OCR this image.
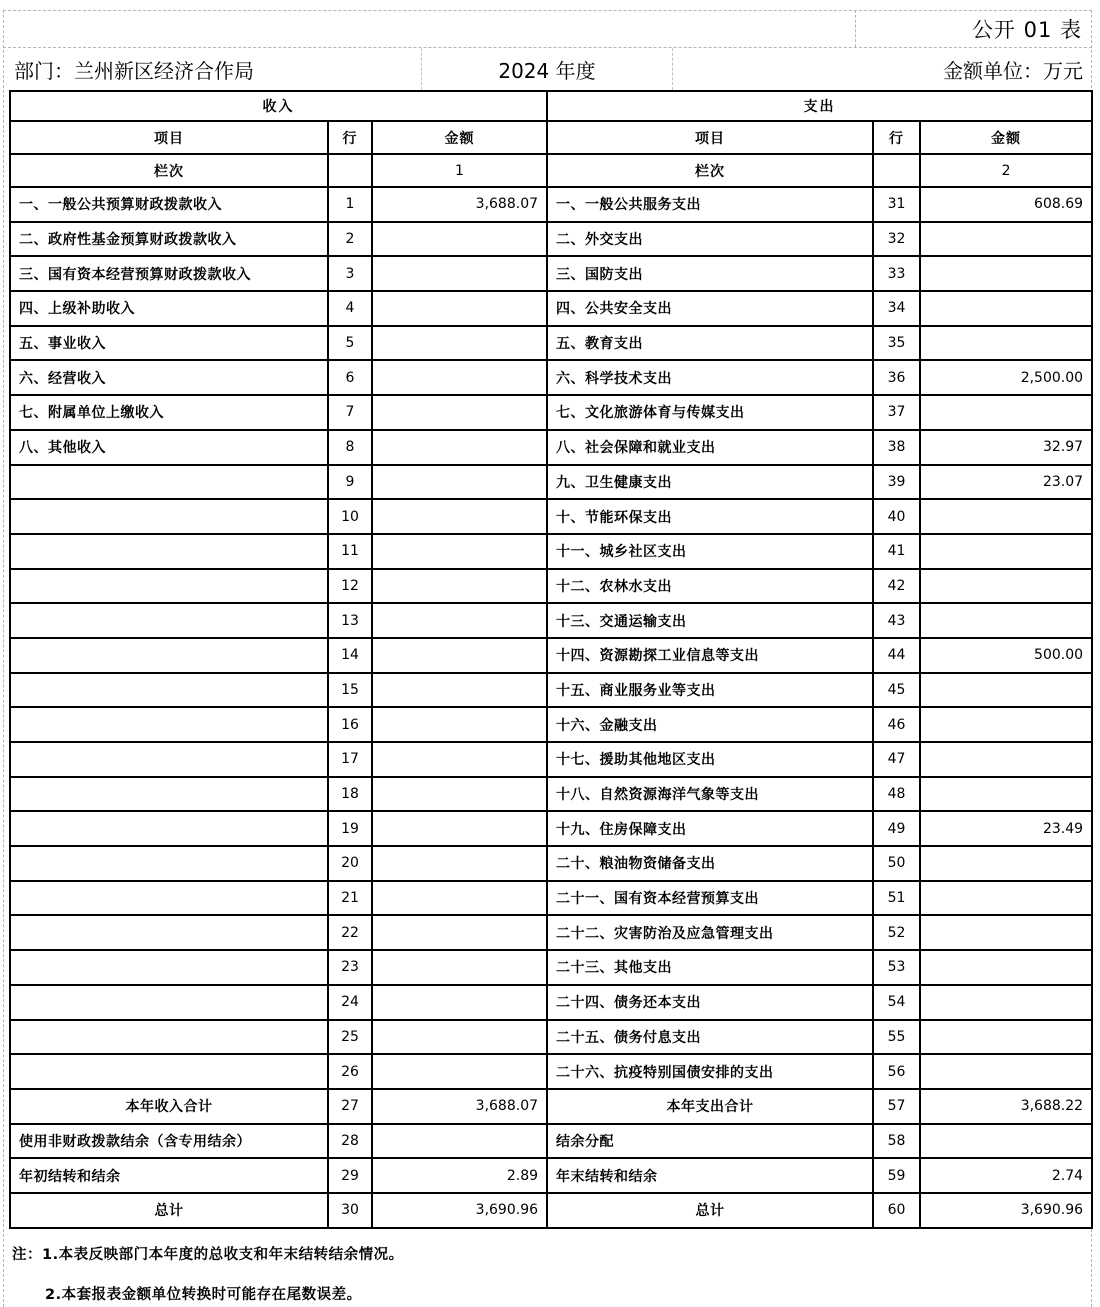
公开 01 表
部门：兰州新区经济合作局	2024 年度	金额单位：万元
收入			支出		
项目	行	金额	项目	行	金额
栏次		1	栏次		2
一、一般公共预算财政拨款收入	1	3,688.07	一、一般公共服务支出	31	608.69
二、政府性基金预算财政拨款收入	2		二、外交支出	32	
三、国有资本经营预算财政拨款收入	3		三、国防支出	33	
四、上级补助收入	4		四、公共安全支出	34	
五、事业收入	5		五、教育支出	35	
六、经营收入	6		六、科学技术支出	36	2,500.00
七、附属单位上缴收入	7		七、文化旅游体育与传媒支出	37	
八、其他收入	8		八、社会保障和就业支出	38	32.97
	9		九、卫生健康支出	39	23.07
	10		十、节能环保支出	40	
	11		十一、城乡社区支出	41	
	12		十二、农林水支出	42	
	13		十三、交通运输支出	43	
	14		十四、资源勘探工业信息等支出	44	500.00
	15		十五、商业服务业等支出	45	
	16		十六、金融支出	46	
	17		十七、援助其他地区支出	47	
	18		十八、自然资源海洋气象等支出	48	
	19		十九、住房保障支出	49	23.49
	20		二十、粮油物资储备支出	50	
	21		二十一、国有资本经营预算支出	51	
	22		二十二、灾害防治及应急管理支出	52	
	23		二十三、其他支出	53	
	24		二十四、债务还本支出	54	
	25		二十五、债务付息支出	55	
	26		二十六、抗疫特别国债安排的支出	56	
本年收入合计	27	3,688.07	本年支出合计	57	3,688.22
使用非财政拨款结余（含专用结余）	28		结余分配	58	
年初结转和结余	29	2.89	年末结转和结余	59	2.74
总计	30	3,690.96	总计	60	3,690.96
注：1.本表反映部门本年度的总收支和年末结转结余情况。
2.本套报表金额单位转换时可能存在尾数误差。
